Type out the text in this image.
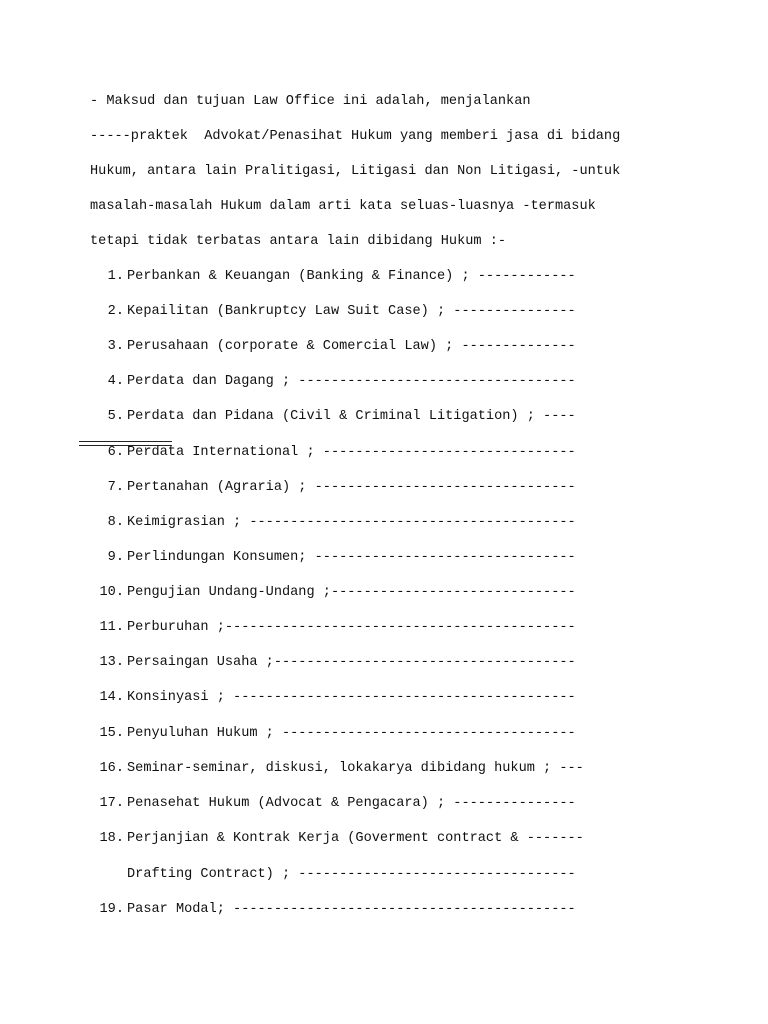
- Maksud dan tujuan Law Office ini adalah, menjalankan
-----praktek  Advokat/Penasihat Hukum yang memberi jasa di bidang
Hukum, antara lain Pralitigasi, Litigasi dan Non Litigasi, -untuk
masalah-masalah Hukum dalam arti kata seluas-luasnya -termasuk
tetapi tidak terbatas antara lain dibidang Hukum :-
1. Perbankan & Keuangan (Banking & Finance) ; ------------
2. Kepailitan (Bankruptcy Law Suit Case) ; ---------------
3. Perusahaan (corporate & Comercial Law) ; --------------
4. Perdata dan Dagang ; ----------------------------------
5. Perdata dan Pidana (Civil & Criminal Litigation) ; ----
6. Perdata International ; -------------------------------
7. Pertanahan (Agraria) ; --------------------------------
8. Keimigrasian ; ----------------------------------------
9. Perlindungan Konsumen; --------------------------------
10. Pengujian Undang-Undang ;------------------------------
11. Perburuhan ;-------------------------------------------
13. Persaingan Usaha ;-------------------------------------
14. Konsinyasi ; ------------------------------------------
15. Penyuluhan Hukum ; ------------------------------------
16. Seminar-seminar, diskusi, lokakarya dibidang hukum ; ---
17. Penasehat Hukum (Advocat & Pengacara) ; ---------------
18. Perjanjian & Kontrak Kerja (Goverment contract & -------
Drafting Contract) ; ----------------------------------
19. Pasar Modal; ------------------------------------------
